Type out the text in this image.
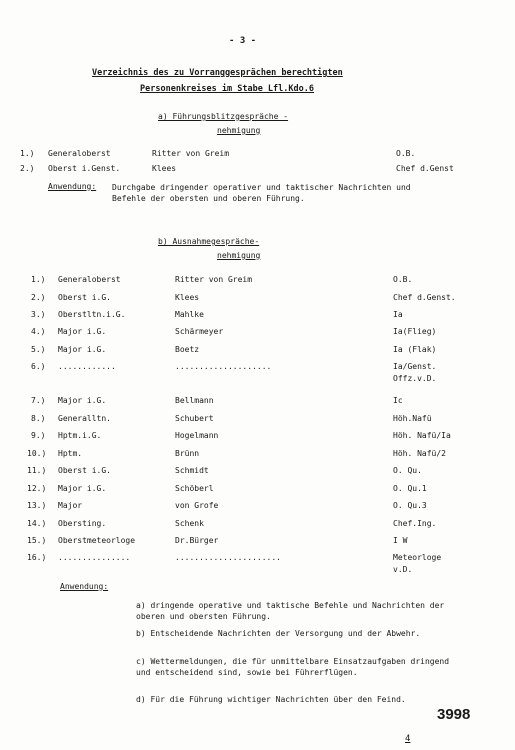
- 3 -
Verzeichnis des zu Vorranggesprächen berechtigten
Personenkreises im Stabe Lfl.Kdo.6
a) Führungsblitzgespräche -
nehmigung
1.) Generaloberst	Ritter von Greim	O.B.
2.) Oberst i.Genst.	Klees	Chef d.Genst
Anwendung: Durchgabe dringender operativer und taktischer Nachrichten und Befehle der obersten und oberen Führung.
b) Ausnahmegespräche-
nehmigung
1.) Generaloberst	Ritter von Greim	O.B.
2.) Oberst i.G.	Klees	Chef d.Genst.
3.) Oberstltn.i.G.	Mahlke	Ia
4.) Major i.G.	Schärmeyer	Ia(Flieg)
5.) Major i.G.	Boetz	Ia (Flak)
6.) ............	....................	Ia/Genst.
Offz.v.D.
7.) Major i.G.	Bellmann	Ic
8.) Generalltn.	Schubert	Höh.Nafü
9.) Hptm.i.G.	Hogelmann	Höh. Nafü/Ia
10.) Hptm.	Brünn	Höh. Nafü/2
11.) Oberst i.G.	Schmidt	O. Qu.
12.) Major i.G.	Schöberl	O. Qu.1
13.) Major	von Grofe	O. Qu.3
14.) Obersting.	Schenk	Chef.Ing.
15.) Oberstmeteorloge	Dr.Bürger	I W
16.) ...............	......................	Meteorloge
v.D.
Anwendung:
a) dringende operative und taktische Befehle und Nachrichten der oberen und obersten Führung.
b) Entscheidende Nachrichten der Versorgung und der Abwehr.
c) Wettermeldungen, die für unmittelbare Einsatzaufgaben dringend und entscheidend sind, sowie bei Führerflügen.
d) Für die Führung wichtiger Nachrichten über den Feind.
3998
4
